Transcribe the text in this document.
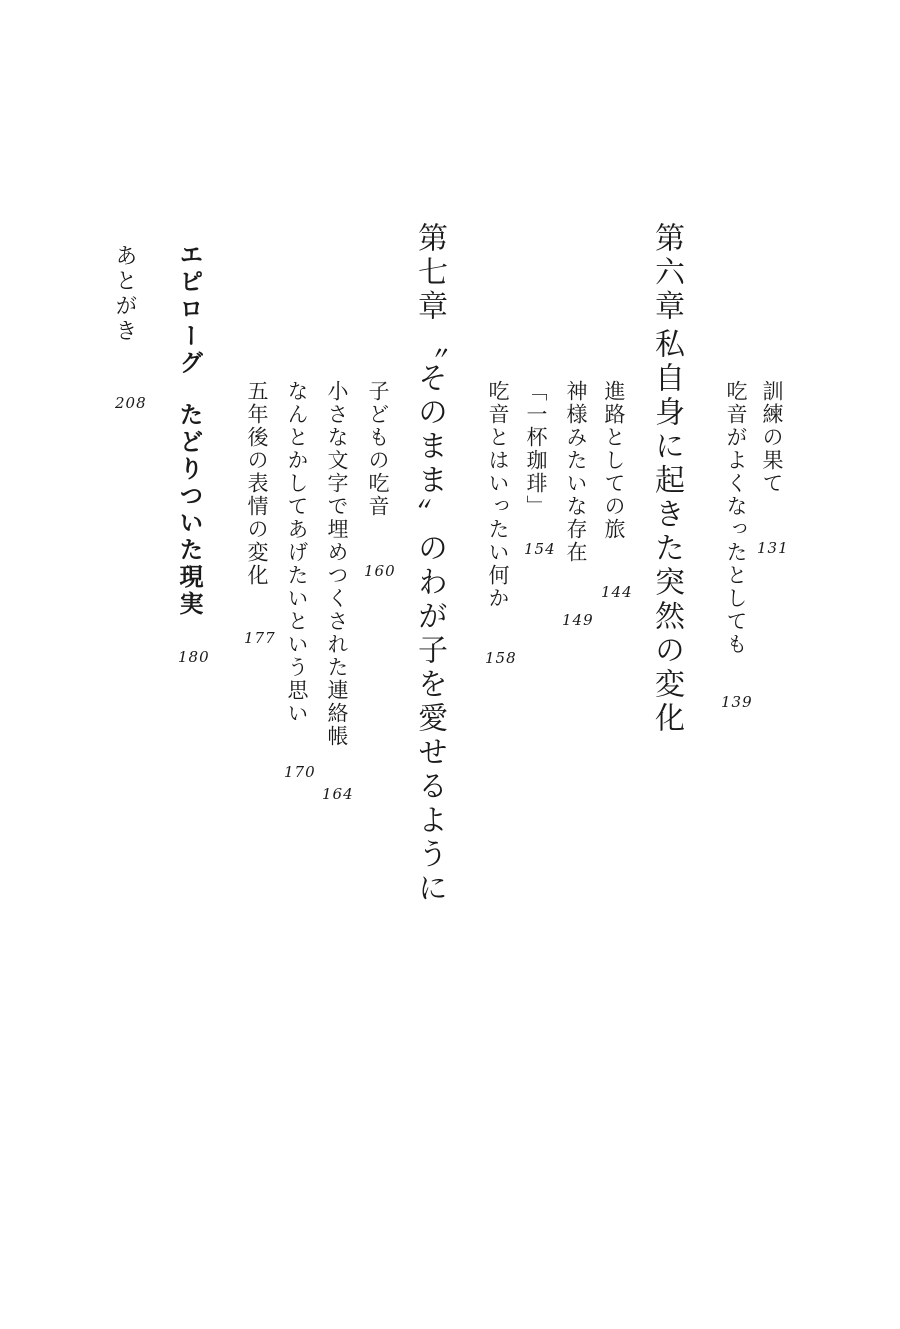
訓練の果て
131
吃音がよくなったとしても
139
第六章
私自身に起きた突然の変化
進路としての旅
144
神様みたいな存在
149
「一杯珈琲」
154
吃音とはいったい何か
158
第七章
〝そのまま〟のわが子を愛せるように
子どもの吃音
160
小さな文字で埋めつくされた連絡帳
164
なんとかしてあげたいという思い
170
五年後の表情の変化
177
エピローグ
たどりついた現実
180
あとがき
208
